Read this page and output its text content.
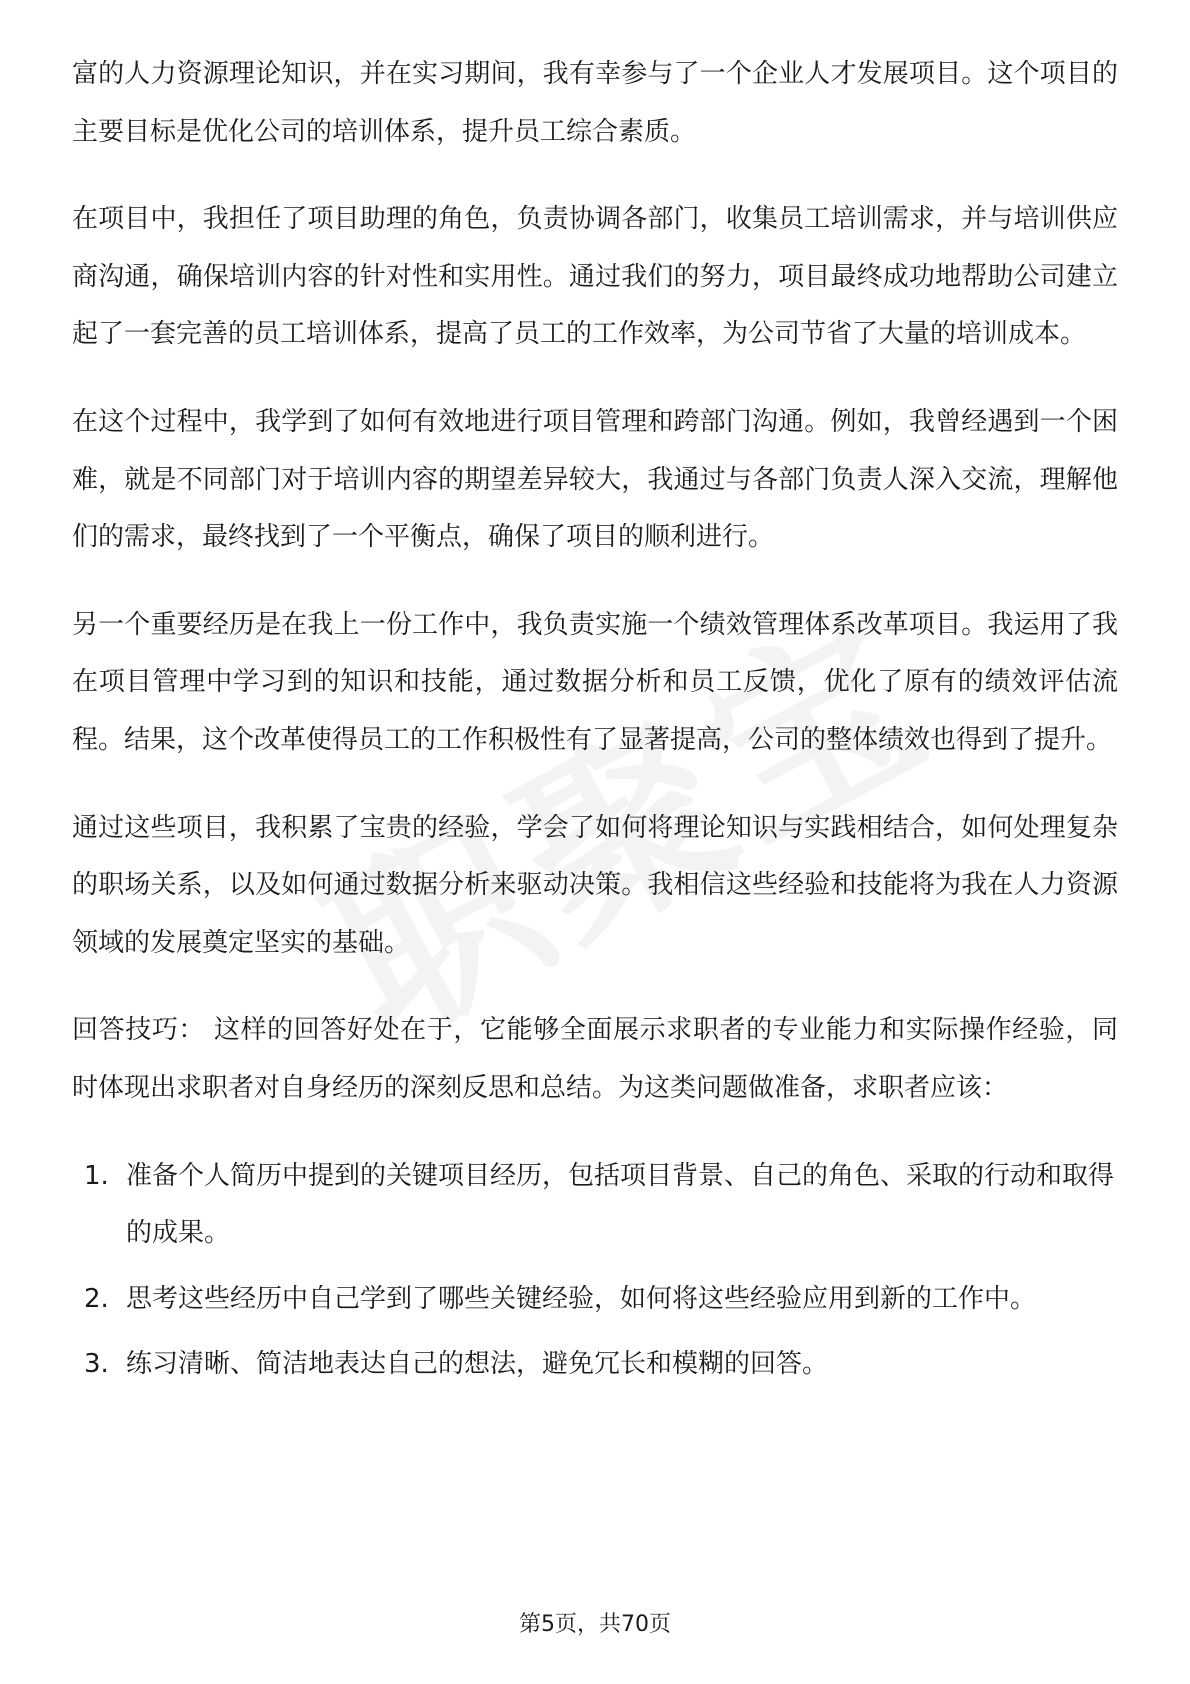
富的人力资源理论知识，并在实习期间，我有幸参与了一个企业人才发展项目。这个项目的主要目标是优化公司的培训体系，提升员工综合素质。

在项目中，我担任了项目助理的角色，负责协调各部门，收集员工培训需求，并与培训供应商沟通，确保培训内容的针对性和实用性。通过我们的努力，项目最终成功地帮助公司建立起了一套完善的员工培训体系，提高了员工的工作效率，为公司节省了大量的培训成本。

在这个过程中，我学到了如何有效地进行项目管理和跨部门沟通。例如，我曾经遇到一个困难，就是不同部门对于培训内容的期望差异较大，我通过与各部门负责人深入交流，理解他们的需求，最终找到了一个平衡点，确保了项目的顺利进行。

另一个重要经历是在我上一份工作中，我负责实施一个绩效管理体系改革项目。我运用了我在项目管理中学习到的知识和技能，通过数据分析和员工反馈，优化了原有的绩效评估流程。结果，这个改革使得员工的工作积极性有了显著提高，公司的整体绩效也得到了提升。

通过这些项目，我积累了宝贵的经验，学会了如何将理论知识与实践相结合，如何处理复杂的职场关系，以及如何通过数据分析来驱动决策。我相信这些经验和技能将为我在人力资源领域的发展奠定坚实的基础。

回答技巧： 这样的回答好处在于，它能够全面展示求职者的专业能力和实际操作经验，同时体现出求职者对自身经历的深刻反思和总结。为这类问题做准备，求职者应该：

1. 准备个人简历中提到的关键项目经历，包括项目背景、自己的角色、采取的行动和取得的成果。
2. 思考这些经历中自己学到了哪些关键经验，如何将这些经验应用到新的工作中。
3. 练习清晰、简洁地表达自己的想法，避免冗长和模糊的回答。
第5页，共70页
